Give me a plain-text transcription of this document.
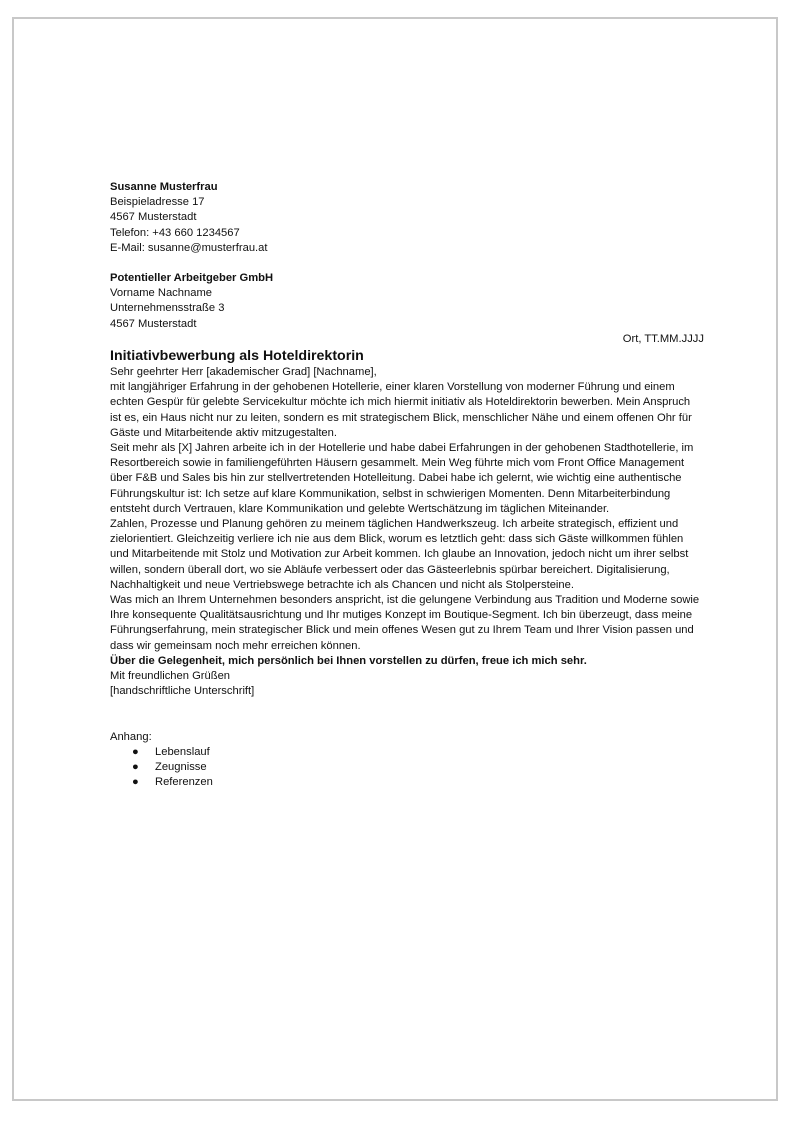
Susanne Musterfrau

Beispieladresse 17

4567 Musterstadt

Telefon: +43 660 1234567

E-Mail: susanne@musterfrau.at

Potentieller Arbeitgeber GmbH

Vorname Nachname

Unternehmensstraße 3

4567 Musterstadt

Ort, TT.MM.JJJJ

Initiativbewerbung als Hoteldirektorin

Sehr geehrter Herr [akademischer Grad] [Nachname],

mit langjähriger Erfahrung in der gehobenen Hotellerie, einer klaren Vorstellung von moderner Führung und einem echten Gespür für gelebte Servicekultur möchte ich mich hiermit initiativ als Hoteldirektorin bewerben. Mein Anspruch ist es, ein Haus nicht nur zu leiten, sondern es mit strategischem Blick, menschlicher Nähe und einem offenen Ohr für Gäste und Mitarbeitende aktiv mitzugestalten.

Seit mehr als [X] Jahren arbeite ich in der Hotellerie und habe dabei Erfahrungen in der gehobenen Stadthotellerie, im Resortbereich sowie in familiengeführten Häusern gesammelt. Mein Weg führte mich vom Front Office Management über F&B und Sales bis hin zur stellvertretenden Hotelleitung. Dabei habe ich gelernt, wie wichtig eine authentische Führungskultur ist: Ich setze auf klare Kommunikation, selbst in schwierigen Momenten. Denn Mitarbeiterbindung entsteht durch Vertrauen, klare Kommunikation und gelebte Wertschätzung im täglichen Miteinander.

Zahlen, Prozesse und Planung gehören zu meinem täglichen Handwerkszeug. Ich arbeite strategisch, effizient und zielorientiert. Gleichzeitig verliere ich nie aus dem Blick, worum es letztlich geht: dass sich Gäste willkommen fühlen und Mitarbeitende mit Stolz und Motivation zur Arbeit kommen. Ich glaube an Innovation, jedoch nicht um ihrer selbst willen, sondern überall dort, wo sie Abläufe verbessert oder das Gästeerlebnis spürbar bereichert. Digitalisierung, Nachhaltigkeit und neue Vertriebswege betrachte ich als Chancen und nicht als Stolpersteine.

Was mich an Ihrem Unternehmen besonders anspricht, ist die gelungene Verbindung aus Tradition und Moderne sowie Ihre konsequente Qualitätsausrichtung und Ihr mutiges Konzept im Boutique-Segment. Ich bin überzeugt, dass meine Führungserfahrung, mein strategischer Blick und mein offenes Wesen gut zu Ihrem Team und Ihrer Vision passen und dass wir gemeinsam noch mehr erreichen können.

Über die Gelegenheit, mich persönlich bei Ihnen vorstellen zu dürfen, freue ich mich sehr.

Mit freundlichen Grüßen

[handschriftliche Unterschrift]

Anhang:

● Lebenslauf
● Zeugnisse
● Referenzen
